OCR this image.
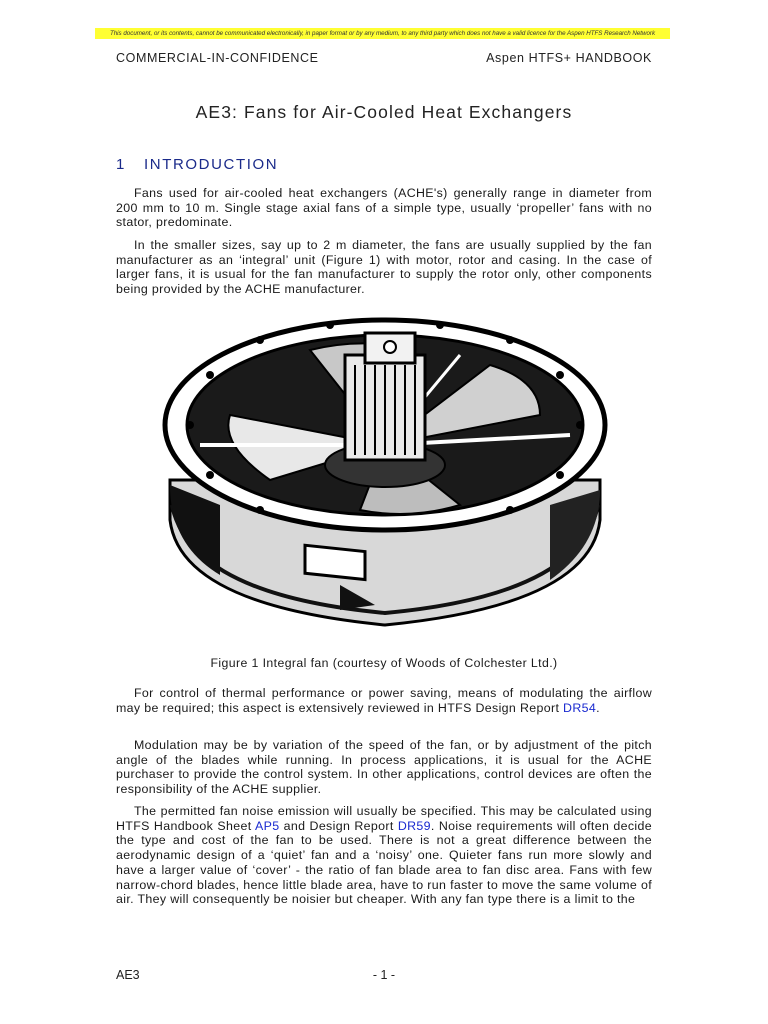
This document, or its contents, cannot be communicated electronically, in paper format or by any medium, to any third party which does not have a valid licence for the Aspen HTFS Research Network
COMMERCIAL-IN-CONFIDENCE	Aspen HTFS+ HANDBOOK
AE3: Fans for Air-Cooled Heat Exchangers
1 INTRODUCTION

Fans used for air-cooled heat exchangers (ACHE's) generally range in diameter from 200 mm to 10 m. Single stage axial fans of a simple type, usually ‘propeller’ fans with no stator, predominate.

In the smaller sizes, say up to 2 m diameter, the fans are usually supplied by the fan manufacturer as an ‘integral’ unit (Figure 1) with motor, rotor and casing. In the case of larger fans, it is usual for the fan manufacturer to supply the rotor only, other components being provided by the ACHE manufacturer.

Figure 1 Integral fan (courtesy of Woods of Colchester Ltd.)

For control of thermal performance or power saving, means of modulating the airflow may be required; this aspect is extensively reviewed in HTFS Design Report DR54.

Modulation may be by variation of the speed of the fan, or by adjustment of the pitch angle of the blades while running. In process applications, it is usual for the ACHE purchaser to provide the control system. In other applications, control devices are often the responsibility of the ACHE supplier.

The permitted fan noise emission will usually be specified. This may be calculated using HTFS Handbook Sheet AP5 and Design Report DR59. Noise requirements will often decide the type and cost of the fan to be used. There is not a great difference between the aerodynamic design of a ‘quiet’ fan and a ‘noisy’ one. Quieter fans run more slowly and have a larger value of ‘cover’ - the ratio of fan blade area to fan disc area. Fans with few narrow-chord blades, hence little blade area, have to run faster to move the same volume of air. They will consequently be noisier but cheaper. With any fan type there is a limit to the

AE3	- 1 -
